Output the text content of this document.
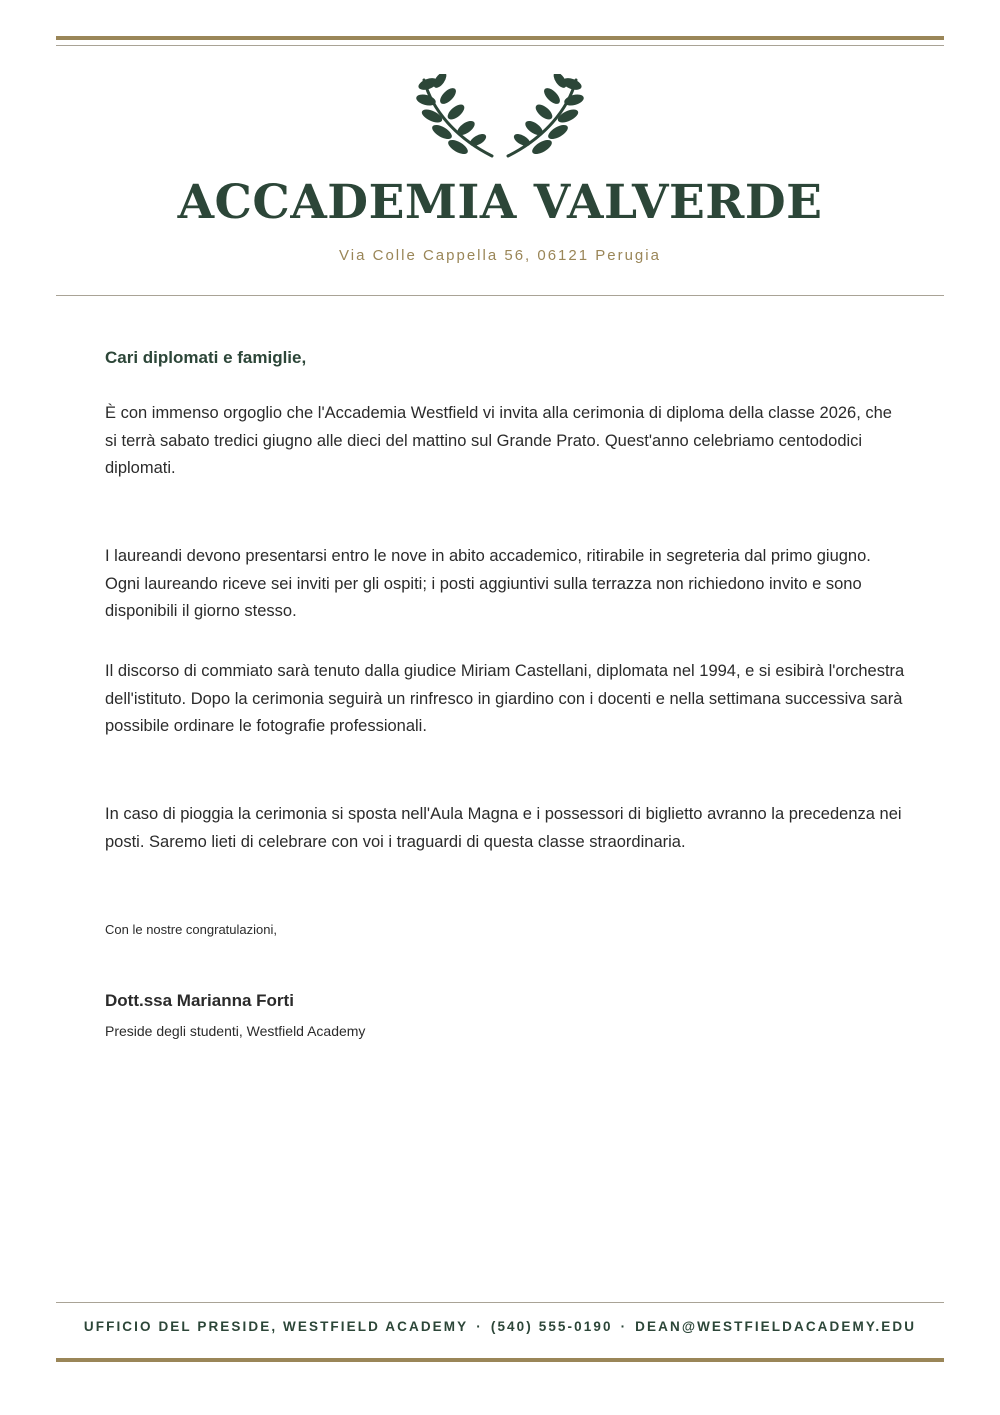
ACCADEMIA VALVERDE
Via Colle Cappella 56, 06121 Perugia

Cari diplomati e famiglie,

È con immenso orgoglio che l'Accademia Westfield vi invita alla cerimonia di diploma della classe 2026, che si terrà sabato tredici giugno alle dieci del mattino sul Grande Prato. Quest'anno celebriamo centododici diplomati.

I laureandi devono presentarsi entro le nove in abito accademico, ritirabile in segreteria dal primo giugno. Ogni laureando riceve sei inviti per gli ospiti; i posti aggiuntivi sulla terrazza non richiedono invito e sono disponibili il giorno stesso.

Il discorso di commiato sarà tenuto dalla giudice Miriam Castellani, diplomata nel 1994, e si esibirà l'orchestra dell'istituto. Dopo la cerimonia seguirà un rinfresco in giardino con i docenti e nella settimana successiva sarà possibile ordinare le fotografie professionali.

In caso di pioggia la cerimonia si sposta nell'Aula Magna e i possessori di biglietto avranno la precedenza nei posti. Saremo lieti di celebrare con voi i traguardi di questa classe straordinaria.

Con le nostre congratulazioni,
Dott.ssa Marianna Forti
Preside degli studenti, Westfield Academy
UFFICIO DEL PRESIDE, WESTFIELD ACADEMY · (540) 555-0190 · DEAN@WESTFIELDACADEMY.EDU
